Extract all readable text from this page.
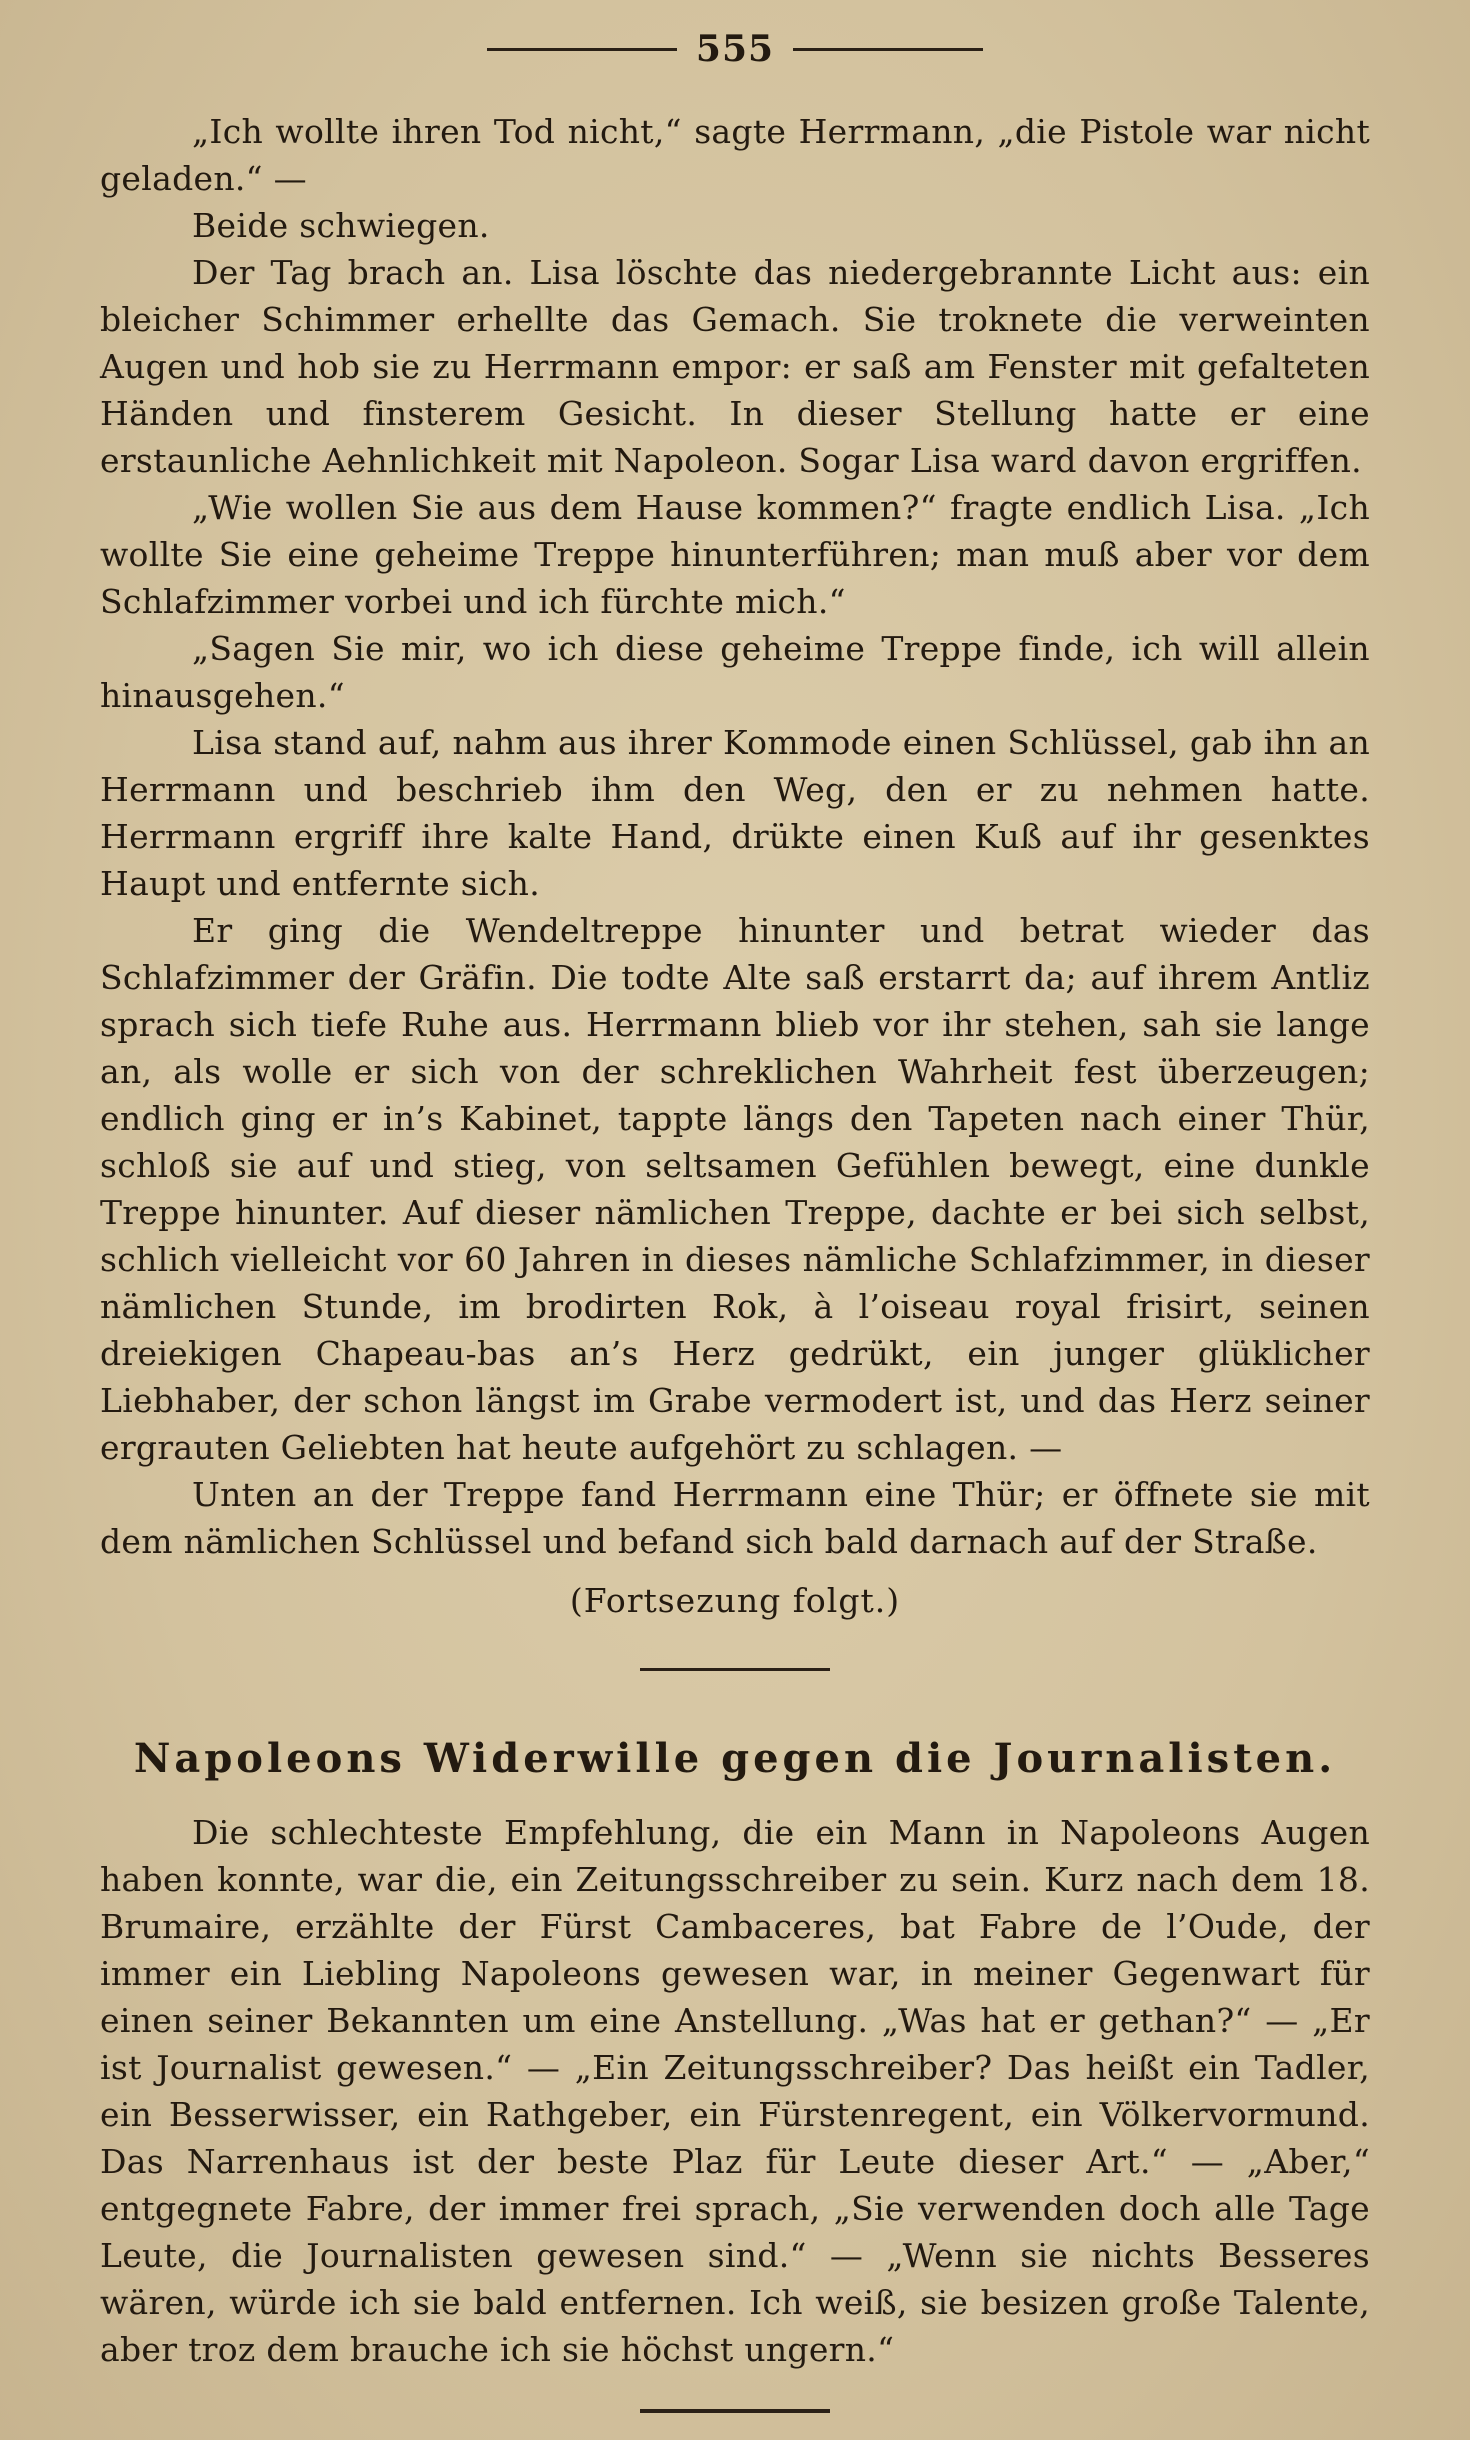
555

„Ich wollte ihren Tod nicht,“ sagte Herrmann, „die Pistole war nicht geladen.“ —

Beide schwiegen.

Der Tag brach an. Lisa löschte das niedergebrannte Licht aus: ein bleicher Schimmer erhellte das Gemach. Sie troknete die verweinten Augen und hob sie zu Herrmann empor: er saß am Fenster mit gefalteten Händen und finsterem Gesicht. In dieser Stellung hatte er eine erstaunliche Aehnlichkeit mit Napoleon. Sogar Lisa ward davon ergriffen.

„Wie wollen Sie aus dem Hause kommen?“ fragte endlich Lisa. „Ich wollte Sie eine geheime Treppe hinunterführen; man muß aber vor dem Schlafzimmer vorbei und ich fürchte mich.“

„Sagen Sie mir, wo ich diese geheime Treppe finde, ich will allein hinausgehen.“

Lisa stand auf, nahm aus ihrer Kommode einen Schlüssel, gab ihn an Herrmann und beschrieb ihm den Weg, den er zu nehmen hatte. Herrmann ergriff ihre kalte Hand, drükte einen Kuß auf ihr gesenktes Haupt und entfernte sich.

Er ging die Wendeltreppe hinunter und betrat wieder das Schlafzimmer der Gräfin. Die todte Alte saß erstarrt da; auf ihrem Antliz sprach sich tiefe Ruhe aus. Herrmann blieb vor ihr stehen, sah sie lange an, als wolle er sich von der schreklichen Wahrheit fest überzeugen; endlich ging er in’s Kabinet, tappte längs den Tapeten nach einer Thür, schloß sie auf und stieg, von seltsamen Gefühlen bewegt, eine dunkle Treppe hinunter. Auf dieser nämlichen Treppe, dachte er bei sich selbst, schlich vielleicht vor 60 Jahren in dieses nämliche Schlafzimmer, in dieser nämlichen Stunde, im brodirten Rok, à l’oiseau royal frisirt, seinen dreiekigen Chapeau-bas an’s Herz gedrükt, ein junger glüklicher Liebhaber, der schon längst im Grabe vermodert ist, und das Herz seiner ergrauten Geliebten hat heute aufgehört zu schlagen. —

Unten an der Treppe fand Herrmann eine Thür; er öffnete sie mit dem nämlichen Schlüssel und befand sich bald darnach auf der Straße.

(Fortsezung folgt.)
Napoleons Widerwille gegen die Journalisten.

Die schlechteste Empfehlung, die ein Mann in Napoleons Augen haben konnte, war die, ein Zeitungsschreiber zu sein. Kurz nach dem 18. Brumaire, erzählte der Fürst Cambaceres, bat Fabre de l’Oude, der immer ein Liebling Napoleons gewesen war, in meiner Gegenwart für einen seiner Bekannten um eine Anstellung. „Was hat er gethan?“ — „Er ist Journalist gewesen.“ — „Ein Zeitungsschreiber? Das heißt ein Tadler, ein Besserwisser, ein Rathgeber, ein Fürstenregent, ein Völkervormund. Das Narrenhaus ist der beste Plaz für Leute dieser Art.“ — „Aber,“ entgegnete Fabre, der immer frei sprach, „Sie verwenden doch alle Tage Leute, die Journalisten gewesen sind.“ — „Wenn sie nichts Besseres wären, würde ich sie bald entfernen. Ich weiß, sie besizen große Talente, aber troz dem brauche ich sie höchst ungern.“
